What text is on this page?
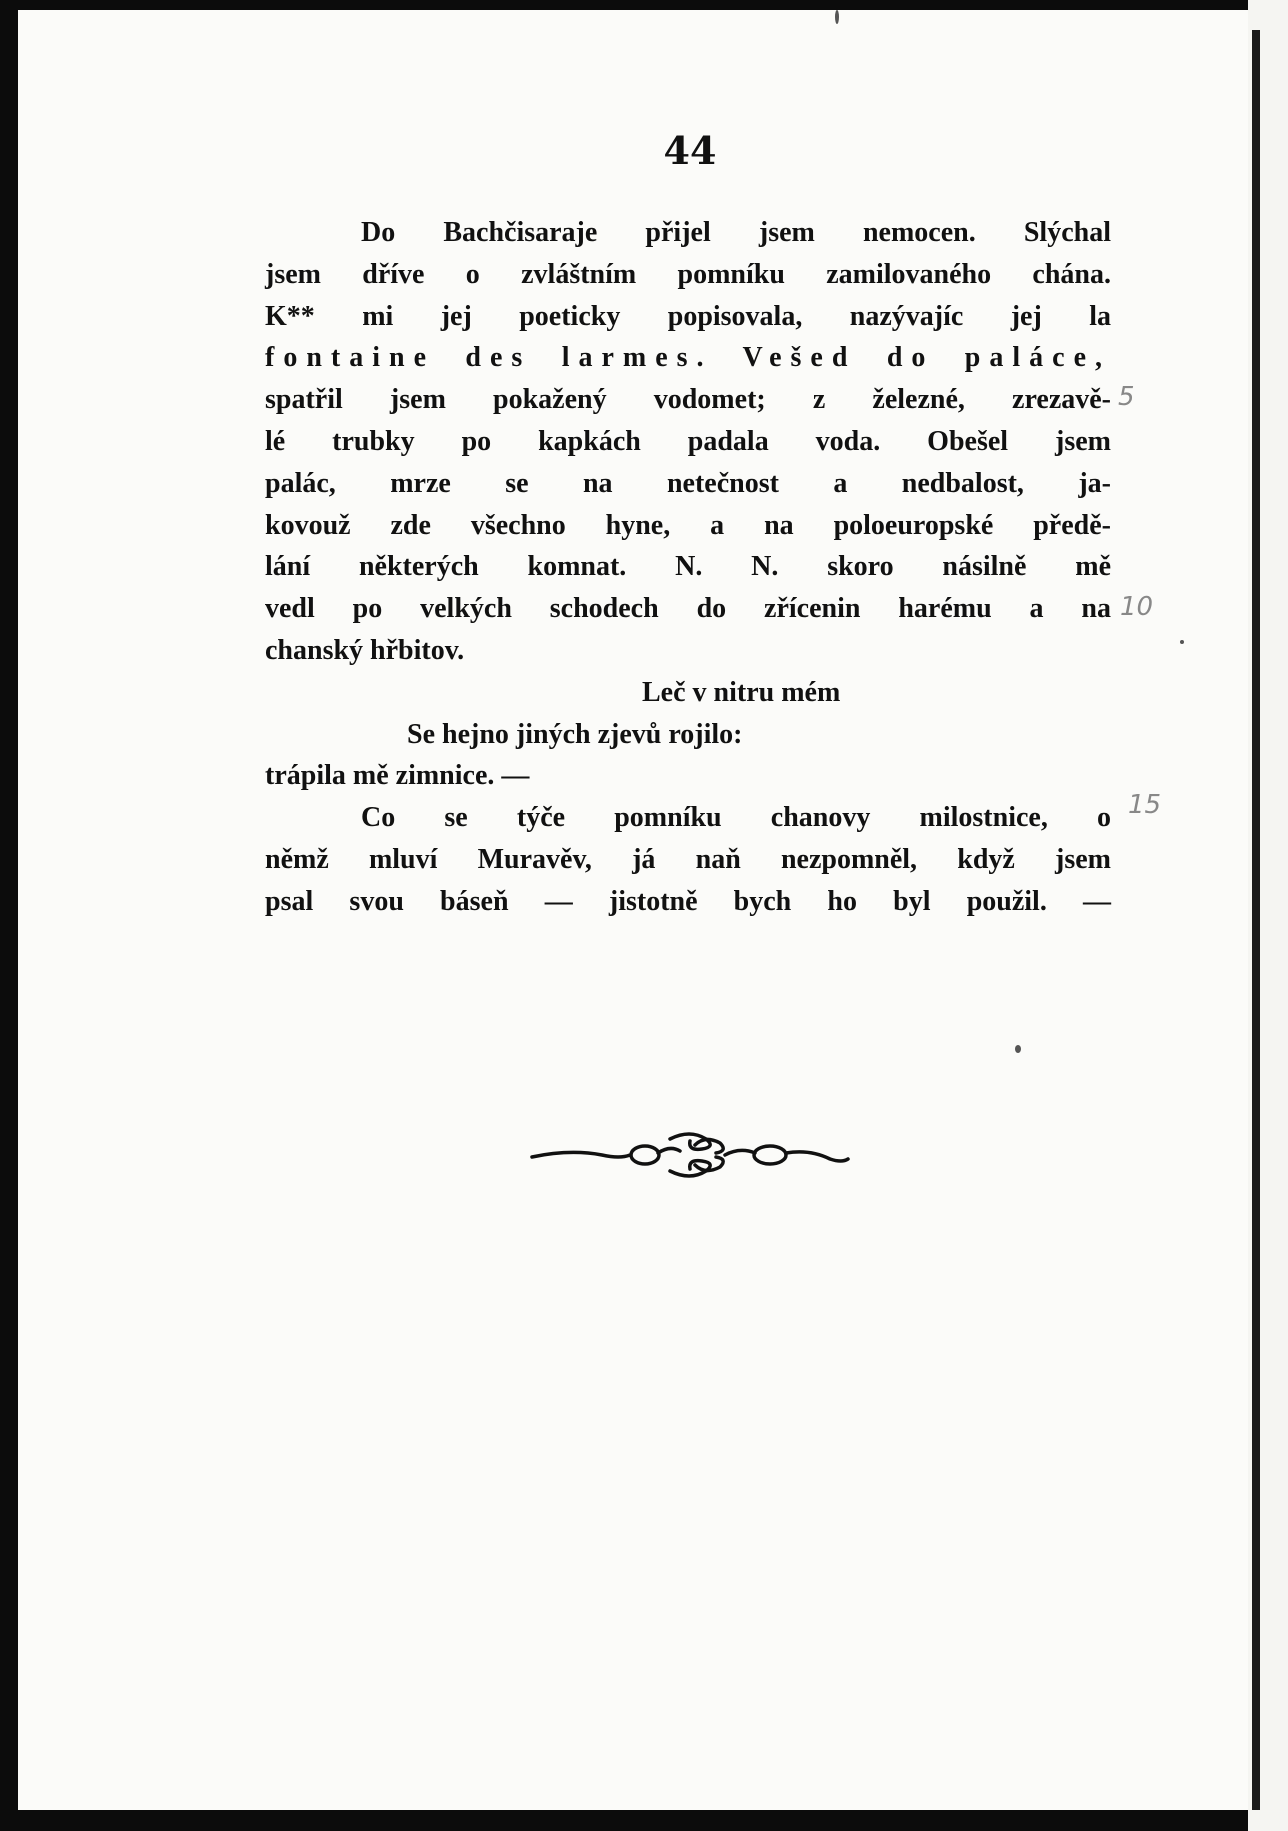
44
Do Bachčisaraje přijel jsem nemocen. Slýchal
jsem dříve o zvláštním pomníku zamilovaného chána.
K** mi jej poeticky popisovala, nazývajíc jej la
fontaine des larmes. Vešed do paláce,
spatřil jsem pokažený vodomet; z železné, zrezavě-
lé trubky po kapkách padala voda. Obešel jsem
palác, mrze se na netečnost a nedbalost, ja-
kovouž zde všechno hyne, a na poloeuropské předě-
lání některých komnat. N. N. skoro násilně mě
vedl po velkých schodech do zřícenin harému a na
chanský hřbitov.
Leč v nitru mém
Se hejno jiných zjevů rojilo:
trápila mě zimnice. —
Co se týče pomníku chanovy milostnice, o
němž mluví Muravěv, já naň nezpomněl, když jsem
psal svou báseň — jistotně bych ho byl použil. —
5
10
15
